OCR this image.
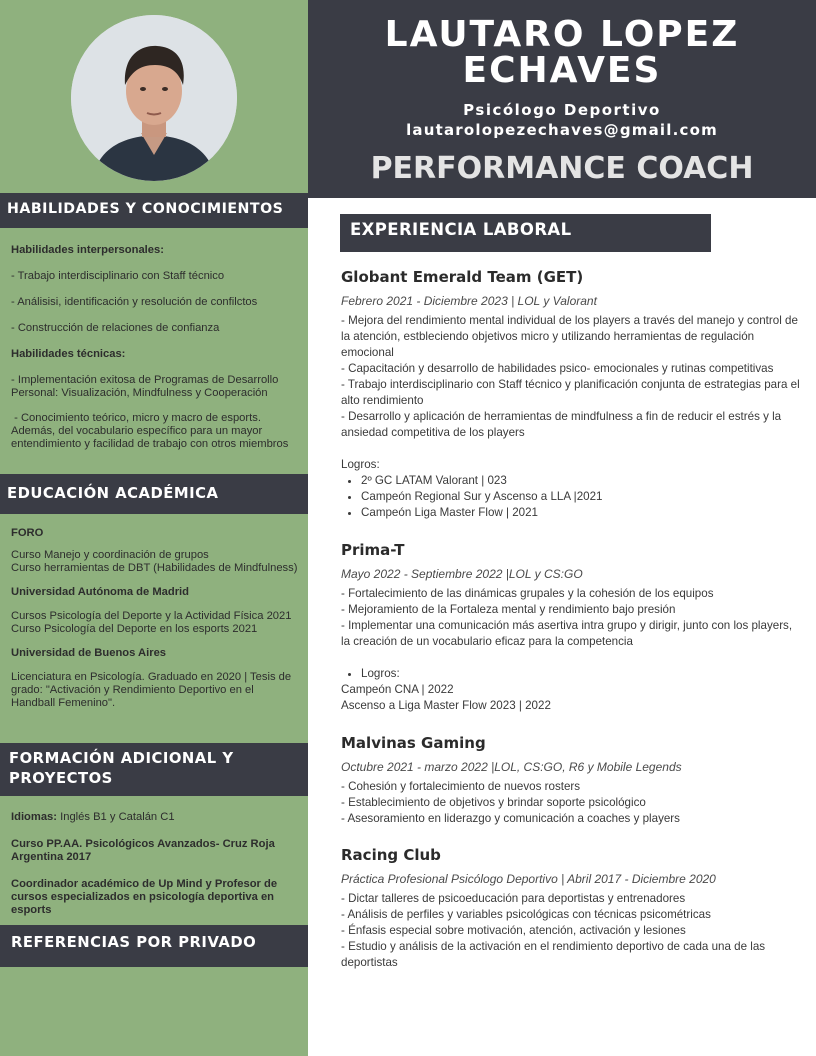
HABILIDADES Y CONOCIMIENTOS

Habilidades interpersonales:

- Trabajo interdisciplinario con Staff técnico

- Análisisi, identificación y resolución de confilctos

- Construcción de relaciones de confianza

Habilidades técnicas:

- Implementación exitosa de Programas de Desarrollo Personal: Visualización, Mindfulness y Cooperación

- Conocimiento teórico, micro y macro de esports. Además, del vocabulario específico para un mayor entendimiento y facilidad de trabajo con otros miembros

EDUCACIÓN ACADÉMICA

FORO

Curso Manejo y coordinación de grupos

Curso herramientas de DBT (Habilidades de Mindfulness)

Universidad Autónoma de Madrid

Cursos Psicología del Deporte y la Actividad Física 2021

Curso Psicología del Deporte en los esports 2021

Universidad de Buenos Aires

Licenciatura en Psicología. Graduado en 2020 | Tesis de grado: "Activación y Rendimiento Deportivo en el Handball Femenino".

FORMACIÓN ADICIONAL Y
PROYECTOS

Idiomas: Inglés B1 y Catalán C1

Curso PP.AA. Psicológicos Avanzados- Cruz Roja Argentina 2017

Coordinador académico de Up Mind y Profesor de cursos especializados en psicología deportiva en esports

REFERENCIAS POR PRIVADO
LAUTARO LOPEZ
ECHAVES
Psicólogo Deportivo
lautarolopezechaves@gmail.com
PERFORMANCE COACH
EXPERIENCIA LABORAL
Globant Emerald Team (GET)
Febrero 2021 - Diciembre 2023 | LOL y Valorant

- Mejora del rendimiento mental individual de los players a través del manejo y control de la atención, estbleciendo objetivos micro y utilizando herramientas de regulación emocional

- Capacitación y desarrollo de habilidades psico- emocionales y rutinas competitivas

- Trabajo interdisciplinario con Staff técnico y planificación conjunta de estrategias para el alto rendimiento

- Desarrollo y aplicación de herramientas de mindfulness a fin de reducir el estrés y la ansiedad competitiva de los players

Logros:

• 2º GC LATAM Valorant | 023
• Campeón Regional Sur y Ascenso a LLA |2021
• Campeón Liga Master Flow | 2021
Prima-T
Mayo 2022 - Septiembre 2022 |LOL y CS:GO

- Fortalecimiento de las dinámicas grupales y la cohesión de los equipos

- Mejoramiento de la Fortaleza mental y rendimiento bajo presión

- Implementar una comunicación más asertiva intra grupo y dirigir, junto con los players, la creación de un vocabulario eficaz para la competencia

• Logros:

Campeón CNA | 2022

Ascenso a Liga Master Flow 2023 | 2022

Malvinas Gaming
Octubre 2021 - marzo 2022 |LOL, CS:GO, R6 y Mobile Legends

- Cohesión y fortalecimiento de nuevos rosters

- Establecimiento de objetivos y brindar soporte psicológico

- Asesoramiento en liderazgo y comunicación a coaches y players

Racing Club
Práctica Profesional Psicólogo Deportivo | Abril 2017 - Diciembre 2020

- Dictar talleres de psicoeducación para deportistas y entrenadores

- Análisis de perfiles y variables psicológicas con técnicas psicométricas

- Énfasis especial sobre motivación, atención, activación y lesiones

- Estudio y análisis de la activación en el rendimiento deportivo de cada una de las deportistas
